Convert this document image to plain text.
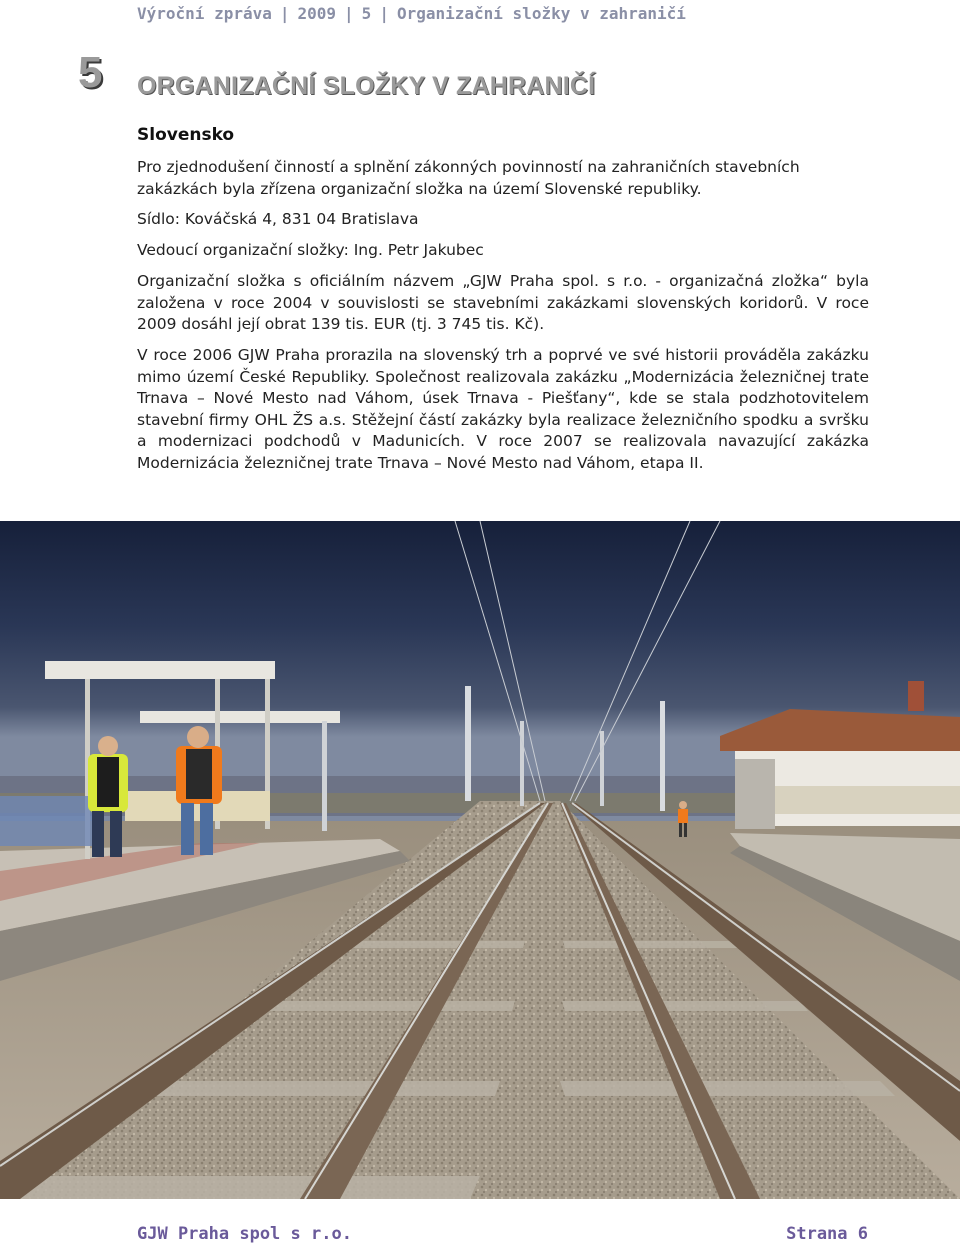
Výroční zpráva | 2009 | 5 | Organizační složky v zahraničí
5 ORGANIZAČNÍ SLOŽKY V ZAHRANIČÍ
Slovensko

Pro zjednodušení činností a splnění zákonných povinností na zahraničních stavebních zakázkách byla zřízena organizační složka na území Slovenské republiky.

Sídlo: Kováčská 4, 831 04 Bratislava

Vedoucí organizační složky: Ing. Petr Jakubec

Organizační složka s oficiálním názvem „GJW Praha spol. s r.o. - organizačná zložka“ byla založena v roce 2004 v souvislosti se stavebními zakázkami slovenských koridorů. V roce 2009 dosáhl její obrat 139 tis. EUR (tj. 3 745 tis. Kč).

V roce 2006 GJW Praha prorazila na slovenský trh a poprvé ve své historii prováděla zakázku mimo území České Republiky. Společnost realizovala zakázku „Modernizácia železničnej trate Trnava – Nové Mesto nad Váhom, úsek Trnava - Piešťany“, kde se stala podzhotovitelem stavební firmy OHL ŽS a.s. Stěžejní částí zakázky byla realizace železničního spodku a svršku a modernizaci podchodů v Madunicích. V roce 2007 se realizovala navazující zakázka Modernizácia železničnej trate Trnava – Nové Mesto nad Váhom, etapa II.

GJW Praha spol s r.o.	Strana 6
